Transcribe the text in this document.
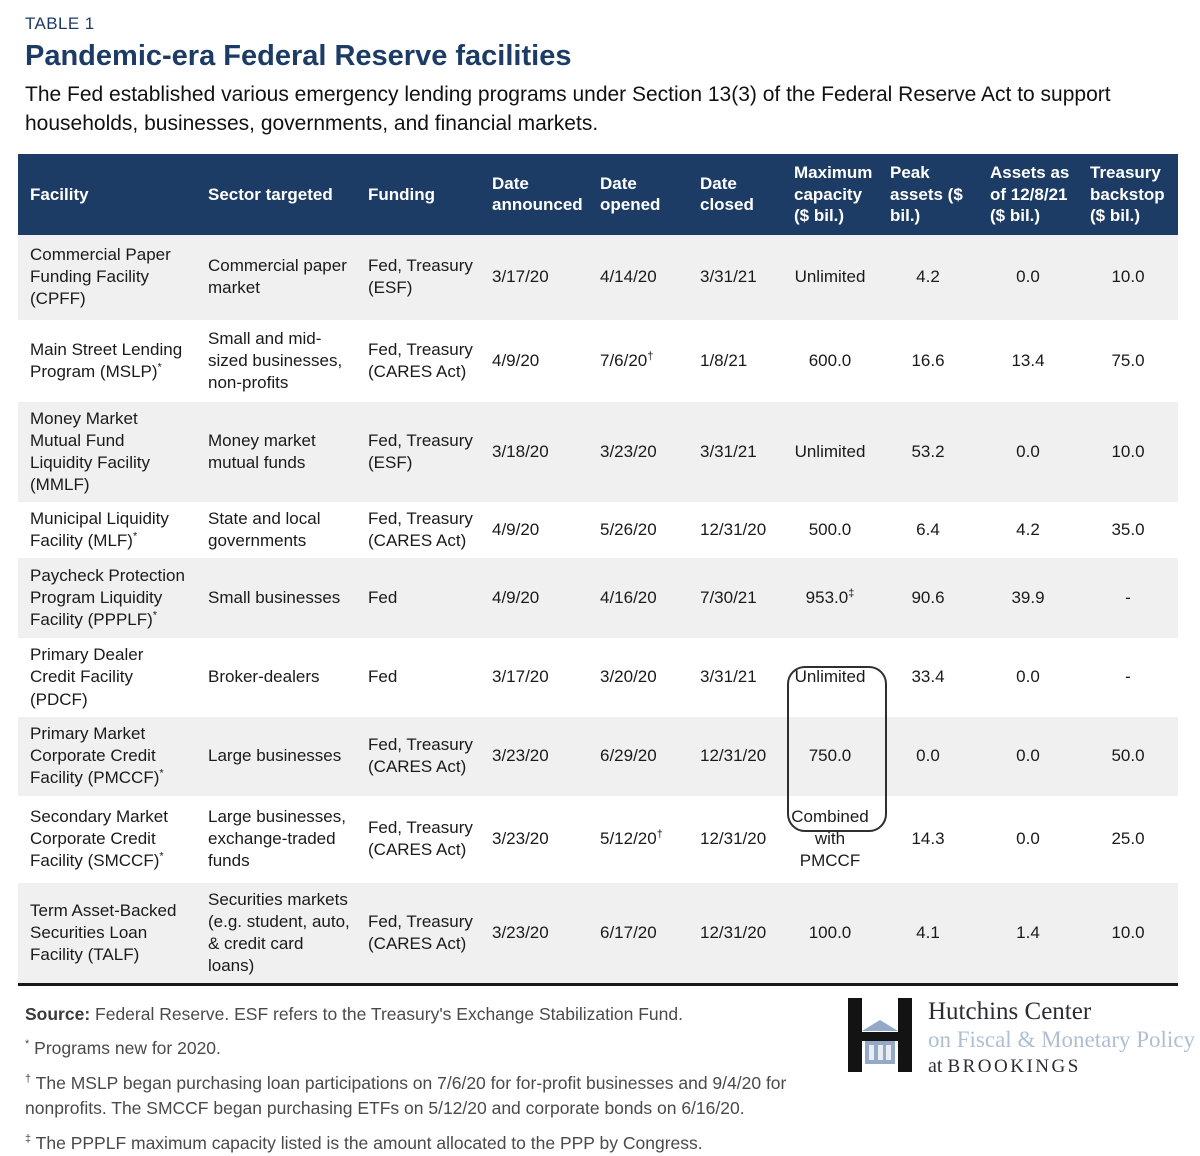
TABLE 1
Pandemic-era Federal Reserve facilities
The Fed established various emergency lending programs under Section 13(3) of the Federal Reserve Act to support households, businesses, governments, and financial markets.
Facility	Sector targeted	Funding	Date announced	Date opened	Date closed	Maximum capacity ($ bil.)	Peak assets ($ bil.)	Assets as of 12/8/21 ($ bil.)	Treasury backstop ($ bil.)
Commercial Paper Funding Facility (CPFF)	Commercial paper market	Fed, Treasury (ESF)	3/17/20	4/14/20	3/31/21	Unlimited	4.2	0.0	10.0
Main Street Lending Program (MSLP)*	Small and mid-sized businesses, non-profits	Fed, Treasury (CARES Act)	4/9/20	7/6/20†	1/8/21	600.0	16.6	13.4	75.0
Money Market Mutual Fund Liquidity Facility (MMLF)	Money market mutual funds	Fed, Treasury (ESF)	3/18/20	3/23/20	3/31/21	Unlimited	53.2	0.0	10.0
Municipal Liquidity Facility (MLF)*	State and local governments	Fed, Treasury (CARES Act)	4/9/20	5/26/20	12/31/20	500.0	6.4	4.2	35.0
Paycheck Protection Program Liquidity Facility (PPPLF)*	Small businesses	Fed	4/9/20	4/16/20	7/30/21	953.0‡	90.6	39.9	-
Primary Dealer Credit Facility (PDCF)	Broker-dealers	Fed	3/17/20	3/20/20	3/31/21	Unlimited	33.4	0.0	-
Primary Market Corporate Credit Facility (PMCCF)*	Large businesses	Fed, Treasury (CARES Act)	3/23/20	6/29/20	12/31/20	750.0	0.0	0.0	50.0
Secondary Market Corporate Credit Facility (SMCCF)*	Large businesses, exchange-traded funds	Fed, Treasury (CARES Act)	3/23/20	5/12/20†	12/31/20	Combined with PMCCF	14.3	0.0	25.0
Term Asset-Backed Securities Loan Facility (TALF)	Securities markets (e.g. student, auto, & credit card loans)	Fed, Treasury (CARES Act)	3/23/20	6/17/20	12/31/20	100.0	4.1	1.4	10.0

Source: Federal Reserve. ESF refers to the Treasury's Exchange Stabilization Fund.

* Programs new for 2020.

† The MSLP began purchasing loan participations on 7/6/20 for for-profit businesses and 9/4/20 for nonprofits. The SMCCF began purchasing ETFs on 5/12/20 and corporate bonds on 6/16/20.

‡ The PPPLF maximum capacity listed is the amount allocated to the PPP by Congress.

Hutchins Center
on Fiscal & Monetary Policy
at BROOKINGS
